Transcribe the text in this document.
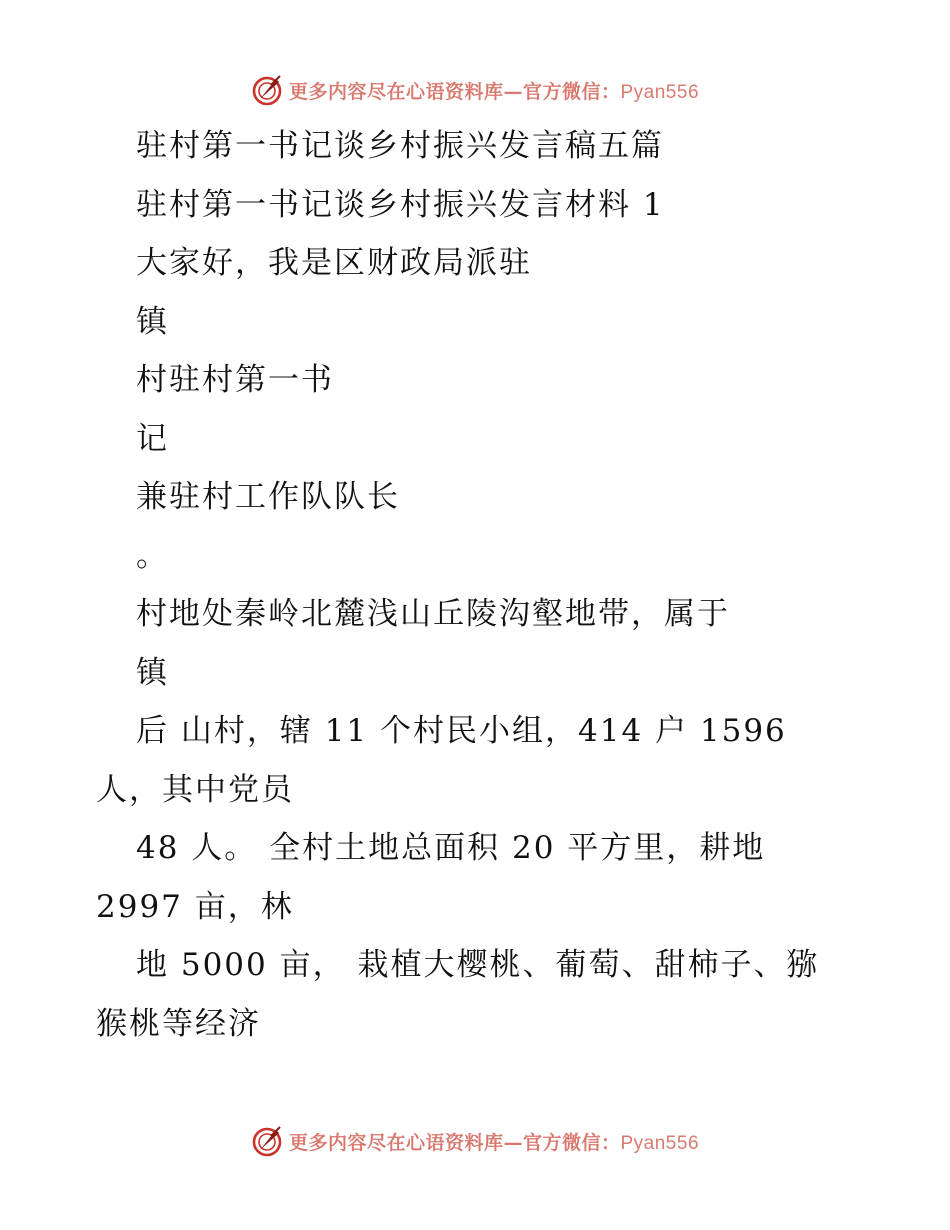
更多内容尽在心语资料库—官方微信：Pyan556
驻村第一书记谈乡村振兴发言稿五篇
驻村第一书记谈乡村振兴发言材料 1
大家好，我是区财政局派驻
镇
村驻村第一书
记
兼驻村工作队队长
。
村地处秦岭北麓浅山丘陵沟壑地带，属于
镇
后 山村，辖 11 个村民小组，414 户 1596
人，其中党员
48 人。 全村土地总面积 20 平方里，耕地
2997 亩，林
地 5000 亩， 栽植大樱桃、葡萄、甜柿子、猕
猴桃等经济
更多内容尽在心语资料库—官方微信：Pyan556
